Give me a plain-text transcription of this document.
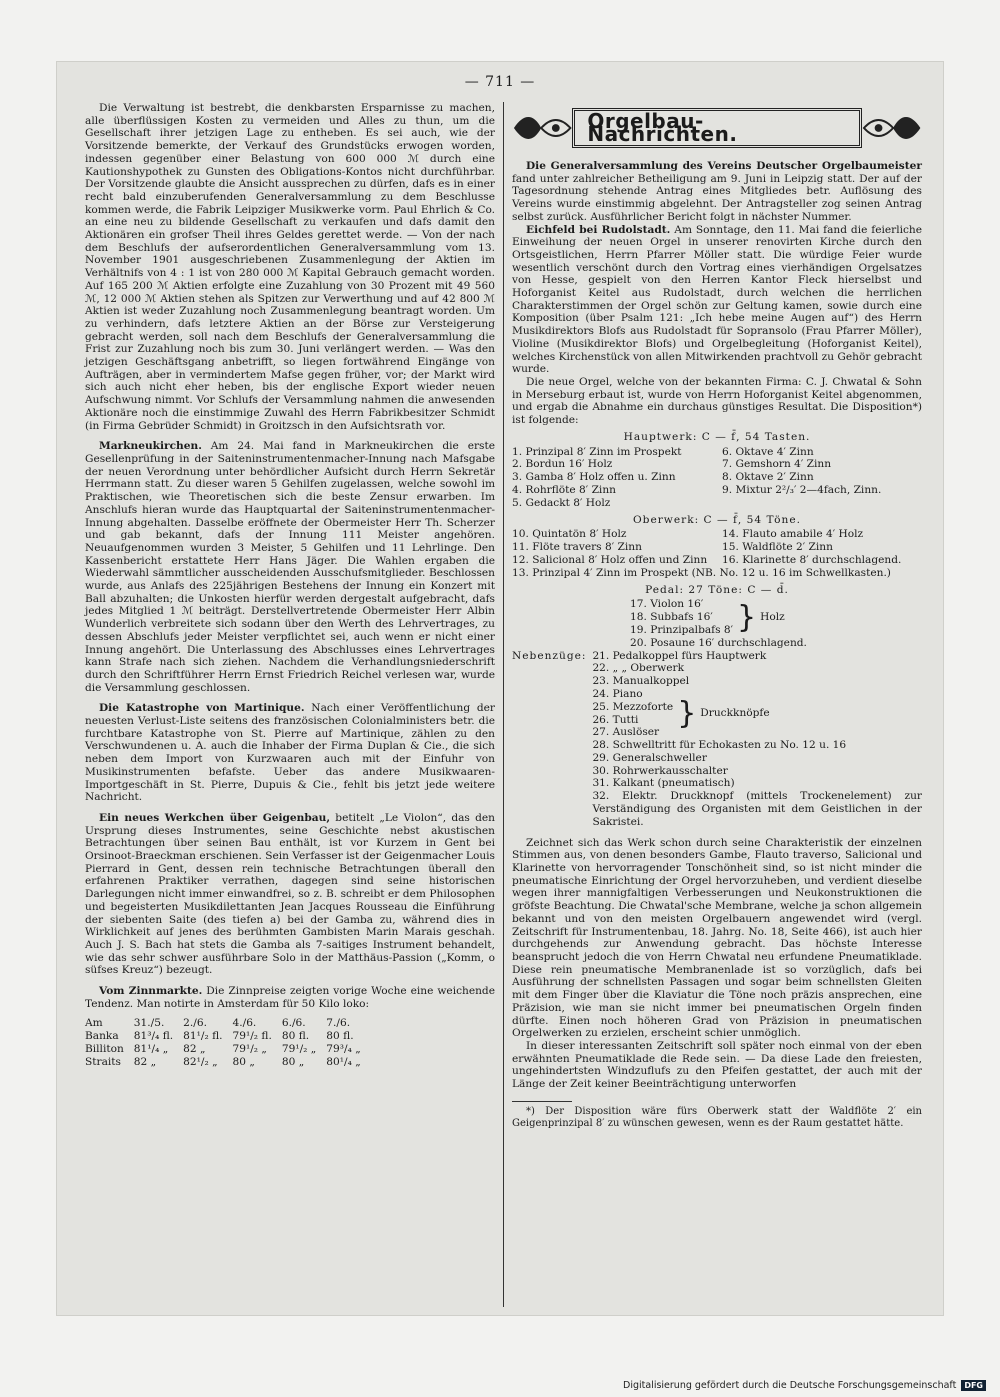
— 711 —

Die Verwaltung ist bestrebt, die denkbarsten Ersparnisse zu machen, alle überflüssigen Kosten zu vermeiden und Alles zu thun, um die Gesellschaft ihrer jetzigen Lage zu entheben. Es sei auch, wie der Vorsitzende bemerkte, der Verkauf des Grundstücks erwogen worden, indessen gegenüber einer Belastung von 600 000 ℳ durch eine Kautionshypothek zu Gunsten des Obligations-Kontos nicht durchführbar. Der Vorsitzende glaubte die Ansicht aussprechen zu dürfen, dafs es in einer recht bald einzuberufenden Generalversammlung zu dem Beschlusse kommen werde, die Fabrik Leipziger Musikwerke vorm. Paul Ehrlich & Co. an eine neu zu bildende Gesellschaft zu verkaufen und dafs damit den Aktionären ein grofser Theil ihres Geldes gerettet werde. — Von der nach dem Beschlufs der aufserordentlichen Generalversammlung vom 13. November 1901 ausgeschriebenen Zusammenlegung der Aktien im Verhältnifs von 4 : 1 ist von 280 000 ℳ Kapital Gebrauch gemacht worden. Auf 165 200 ℳ Aktien erfolgte eine Zuzahlung von 30 Prozent mit 49 560 ℳ, 12 000 ℳ Aktien stehen als Spitzen zur Verwerthung und auf 42 800 ℳ Aktien ist weder Zuzahlung noch Zusammenlegung beantragt worden. Um zu verhindern, dafs letztere Aktien an der Börse zur Versteigerung gebracht werden, soll nach dem Beschlufs der Generalversammlung die Frist zur Zuzahlung noch bis zum 30. Juni verlängert werden. — Was den jetzigen Geschäftsgang anbetrifft, so liegen fortwährend Eingänge von Aufträgen, aber in vermindertem Mafse gegen früher, vor; der Markt wird sich auch nicht eher heben, bis der englische Export wieder neuen Aufschwung nimmt. Vor Schlufs der Versammlung nahmen die anwesenden Aktionäre noch die einstimmige Zuwahl des Herrn Fabrikbesitzer Schmidt (in Firma Gebrüder Schmidt) in Groitzsch in den Aufsichtsrath vor.

Markneukirchen. Am 24. Mai fand in Markneukirchen die erste Gesellenprüfung in der Saiteninstrumentenmacher-Innung nach Mafsgabe der neuen Verordnung unter behördlicher Aufsicht durch Herrn Sekretär Herrmann statt. Zu dieser waren 5 Gehilfen zugelassen, welche sowohl im Praktischen, wie Theoretischen sich die beste Zensur erwarben. Im Anschlufs hieran wurde das Hauptquartal der Saiteninstrumentenmacher-Innung abgehalten. Dasselbe eröffnete der Obermeister Herr Th. Scherzer und gab bekannt, dafs der Innung 111 Meister angehören. Neuaufgenommen wurden 3 Meister, 5 Gehilfen und 11 Lehrlinge. Den Kassenbericht erstattete Herr Hans Jäger. Die Wahlen ergaben die Wiederwahl sämmtlicher ausscheidenden Ausschufsmitglieder. Beschlossen wurde, aus Anlafs des 225jährigen Bestehens der Innung ein Konzert mit Ball abzuhalten; die Unkosten hierfür werden dergestalt aufgebracht, dafs jedes Mitglied 1 ℳ beiträgt. Derstellvertretende Obermeister Herr Albin Wunderlich verbreitete sich sodann über den Werth des Lehrvertrages, zu dessen Abschlufs jeder Meister verpflichtet sei, auch wenn er nicht einer Innung angehört. Die Unterlassung des Abschlusses eines Lehrvertrages kann Strafe nach sich ziehen. Nachdem die Verhandlungsniederschrift durch den Schriftführer Herrn Ernst Friedrich Reichel verlesen war, wurde die Versammlung geschlossen.

Die Katastrophe von Martinique. Nach einer Veröffentlichung der neuesten Verlust-Liste seitens des französischen Colonialministers betr. die furchtbare Katastrophe von St. Pierre auf Martinique, zählen zu den Verschwundenen u. A. auch die Inhaber der Firma Duplan & Cie., die sich neben dem Import von Kurzwaaren auch mit der Einfuhr von Musikinstrumenten befafste. Ueber das andere Musikwaaren-Importgeschäft in St. Pierre, Dupuis & Cie., fehlt bis jetzt jede weitere Nachricht.

Ein neues Werkchen über Geigenbau, betitelt „Le Violon“, das den Ursprung dieses Instrumentes, seine Geschichte nebst akustischen Betrachtungen über seinen Bau enthält, ist vor Kurzem in Gent bei Orsinoot-Braeckman erschienen. Sein Verfasser ist der Geigenmacher Louis Pierrard in Gent, dessen rein technische Betrachtungen überall den erfahrenen Praktiker verrathen, dagegen sind seine historischen Darlegungen nicht immer einwandfrei, so z. B. schreibt er dem Philosophen und begeisterten Musikdilettanten Jean Jacques Rousseau die Einführung der siebenten Saite (des tiefen a) bei der Gamba zu, während dies in Wirklichkeit auf jenes des berühmten Gambisten Marin Marais geschah. Auch J. S. Bach hat stets die Gamba als 7-saitiges Instrument behandelt, wie das sehr schwer ausführbare Solo in der Matthäus-Passion („Komm, o süfses Kreuz“) bezeugt.

Vom Zinnmarkte. Die Zinnpreise zeigten vorige Woche eine weichende Tendenz. Man notirte in Amsterdam für 50 Kilo loko:

Am	31./5.	2./6.	4./6.	6./6.	7./6.
Banka	81³/₄ fl.	81¹/₂ fl.	79¹/₂ fl.	80 fl.	80 fl.
Billiton	81¹/₄ „	82 „	79¹/₂ „	79¹/₂ „	79³/₄ „
Straits	82 „	82¹/₂ „	80 „	80 „	80¹/₄ „
Orgelbau-Nachrichten.

Die Generalversammlung des Vereins Deutscher Orgelbaumeister fand unter zahlreicher Betheiligung am 9. Juni in Leipzig statt. Der auf der Tagesordnung stehende Antrag eines Mitgliedes betr. Auflösung des Vereins wurde einstimmig abgelehnt. Der Antragsteller zog seinen Antrag selbst zurück. Ausführlicher Bericht folgt in nächster Nummer.

Eichfeld bei Rudolstadt. Am Sonntage, den 11. Mai fand die feierliche Einweihung der neuen Orgel in unserer renovirten Kirche durch den Ortsgeistlichen, Herrn Pfarrer Möller statt. Die würdige Feier wurde wesentlich verschönt durch den Vortrag eines vierhändigen Orgelsatzes von Hesse, gespielt von den Herren Kantor Fleck hierselbst und Hoforganist Keitel aus Rudolstadt, durch welchen die herrlichen Charakterstimmen der Orgel schön zur Geltung kamen, sowie durch eine Komposition (über Psalm 121: „Ich hebe meine Augen auf“) des Herrn Musikdirektors Blofs aus Rudolstadt für Sopransolo (Frau Pfarrer Möller), Violine (Musikdirektor Blofs) und Orgelbegleitung (Hoforganist Keitel), welches Kirchenstück von allen Mitwirkenden prachtvoll zu Gehör gebracht wurde.

Die neue Orgel, welche von der bekannten Firma: C. J. Chwatal & Sohn in Merseburg erbaut ist, wurde von Herrn Hoforganist Keitel abgenommen, und ergab die Abnahme ein durchaus günstiges Resultat. Die Disposition*) ist folgende:

Hauptwerk: C — f̄, 54 Tasten.
1. Prinzipal 8′ Zinn im Prospekt	6. Oktave 4′ Zinn
2. Bordun 16′ Holz	7. Gemshorn 4′ Zinn
3. Gamba 8′ Holz offen u. Zinn	8. Oktave 2′ Zinn
4. Rohrflöte 8′ Zinn	9. Mixtur 2²/₃′ 2—4fach, Zinn.
5. Gedackt 8′ Holz
Oberwerk: C — f̄, 54 Töne.
10. Quintatön 8′ Holz	14. Flauto amabile 4′ Holz
11. Flöte travers 8′ Zinn	15. Waldflöte 2′ Zinn
12. Salicional 8′ Holz offen und Zinn	16. Klarinette 8′ durchschlagend.
13. Prinzipal 4′ Zinn im Prospekt (NB. No. 12 u. 16 im Schwellkasten.)
Pedal: 27 Töne: C — d̄.
17. Violon 16′
18. Subbafs 16′
19. Prinzipalbafs 8′ } Holz
20. Posaune 16′ durchschlagend.
Nebenzüge: 21. Pedalkoppel fürs Hauptwerk
22. „ „ Oberwerk
23. Manualkoppel
24. Piano
25. Mezzoforte
26. Tutti
27. Auslöser
} Druckknöpfe
28. Schwelltritt für Echokasten zu No. 12 u. 16
29. Generalschweller
30. Rohrwerkausschalter
31. Kalkant (pneumatisch)
32. Elektr. Druckknopf (mittels Trockenelement) zur Verständigung des Organisten mit dem Geistlichen in der Sakristei.

Zeichnet sich das Werk schon durch seine Charakteristik der einzelnen Stimmen aus, von denen besonders Gambe, Flauto traverso, Salicional und Klarinette von hervorragender Tonschönheit sind, so ist nicht minder die pneumatische Einrichtung der Orgel hervorzuheben, und verdient dieselbe wegen ihrer mannigfaltigen Verbesserungen und Neukonstruktionen die gröfste Beachtung. Die Chwatal'sche Membrane, welche ja schon allgemein bekannt und von den meisten Orgelbauern angewendet wird (vergl. Zeitschrift für Instrumentenbau, 18. Jahrg. No. 18, Seite 466), ist auch hier durchgehends zur Anwendung gebracht. Das höchste Interesse beansprucht jedoch die von Herrn Chwatal neu erfundene Pneumatiklade. Diese rein pneumatische Membranenlade ist so vorzüglich, dafs bei Ausführung der schnellsten Passagen und sogar beim schnellsten Gleiten mit dem Finger über die Klaviatur die Töne noch präzis ansprechen, eine Präzision, wie man sie nicht immer bei pneumatischen Orgeln finden dürfte. Einen noch höheren Grad von Präzision in pneumatischen Orgelwerken zu erzielen, erscheint schier unmöglich.

In dieser interessanten Zeitschrift soll später noch einmal von der eben erwähnten Pneumatiklade die Rede sein. — Da diese Lade den freiesten, ungehindertsten Windzuflufs zu den Pfeifen gestattet, der auch mit der Länge der Zeit keiner Beeinträchtigung unterworfen

*) Der Disposition wäre fürs Oberwerk statt der Waldflöte 2′ ein Geigenprinzipal 8′ zu wünschen gewesen, wenn es der Raum gestattet hätte.

Digitalisierung gefördert durch die Deutsche Forschungsgemeinschaft	DFG
